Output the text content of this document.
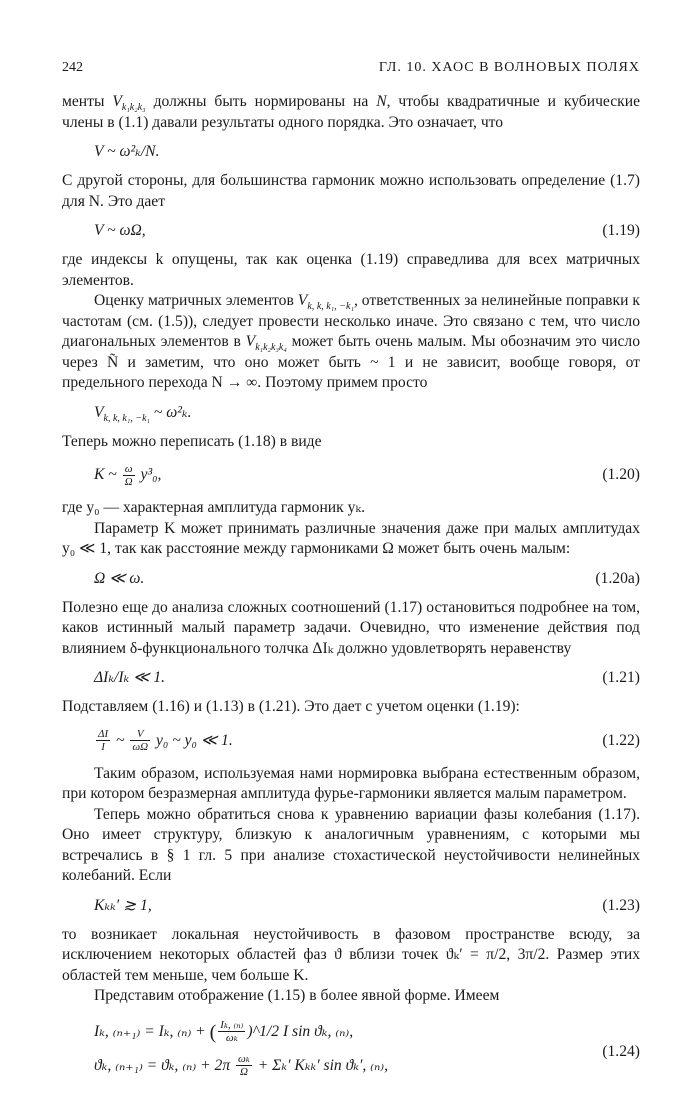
242	ГЛ. 10. ХАОС В ВОЛНОВЫХ ПОЛЯХ

менты $V_{k_1k_2k_3}$ должны быть нормированы на N, чтобы квадратичные и кубические члены в (1.1) давали результаты одного порядка. Это означает, что

V ~ ω²ₖ/N.

С другой стороны, для большинства гармоник можно использовать определение (1.7) для N. Это дает

V ~ ωΩ,	(1.19)

где индексы k опущены, так как оценка (1.19) справедлива для всех матричных элементов.

Оценку матричных элементов $V_{k, k, k_1, -k_1}$, ответственных за нелинейные поправки к частотам (см. (1.5)), следует провести несколько иначе. Это связано с тем, что число диагональных элементов в $V_{k_1k_2k_3k_4}$ может быть очень малым. Мы обозначим это число через Ñ и заметим, что оно может быть ~ 1 и не зависит, вообще говоря, от предельного перехода N → ∞. Поэтому примем просто

$V_{k, k, k_1, -k_1}$ ~ ω²ₖ.

Теперь можно переписать (1.18) в виде

K ~ $\frac{\omega}{\Omega} y^3_0$,	(1.20)

где y₀ — характерная амплитуда гармоник yₖ.

Параметр K может принимать различные значения даже при малых амплитудах y₀ ≪ 1, так как расстояние между гармониками Ω может быть очень малым:

Ω ≪ ω.	(1.20a)

Полезно еще до анализа сложных соотношений (1.17) остановиться подробнее на том, каков истинный малый параметр задачи. Очевидно, что изменение действия под влиянием δ-функционального толчка ΔIₖ должно удовлетворять неравенству

ΔIₖ/Iₖ ≪ 1.	(1.21)

Подставляем (1.16) и (1.13) в (1.21). Это дает с учетом оценки (1.19):

$\frac{\Delta I}{I}$ ~ $\frac{V}{\omega\Omega} y_0$ ~ y₀ ≪ 1.	(1.22)

Таким образом, используемая нами нормировка выбрана естественным образом, при котором безразмерная амплитуда фурье-гармоники является малым параметром.

Теперь можно обратиться снова к уравнению вариации фазы колебания (1.17). Оно имеет структуру, близкую к аналогичным уравнениям, с которыми мы встречались в § 1 гл. 5 при анализе стохастической неустойчивости нелинейных колебаний. Если

Kₖₖ′ ≳ 1,	(1.23)

то возникает локальная неустойчивость в фазовом пространстве всюду, за исключением некоторых областей фаз ϑ вблизи точек ϑₖ′ = π/2, 3π/2. Размер этих областей тем меньше, чем больше K.

Представим отображение (1.15) в более явной форме. Имеем

Iₖ, ₍ₙ₊₁₎ = Iₖ, ₍ₙ₎ + ( $\frac{\text{Iₖ, ₍ₙ₎}}{\text{ωₖ}}$ )^1/2 I sin ϑₖ, ₍ₙ₎,
ϑₖ, ₍ₙ₊₁₎ = ϑₖ, $_{(n)} + 2\pi \frac{\text{ωₖ}}{\Omega} + \Sigma_k'$ Kₖₖ′ sin ϑₖ′, ₍ₙ₎,
(1.24)
